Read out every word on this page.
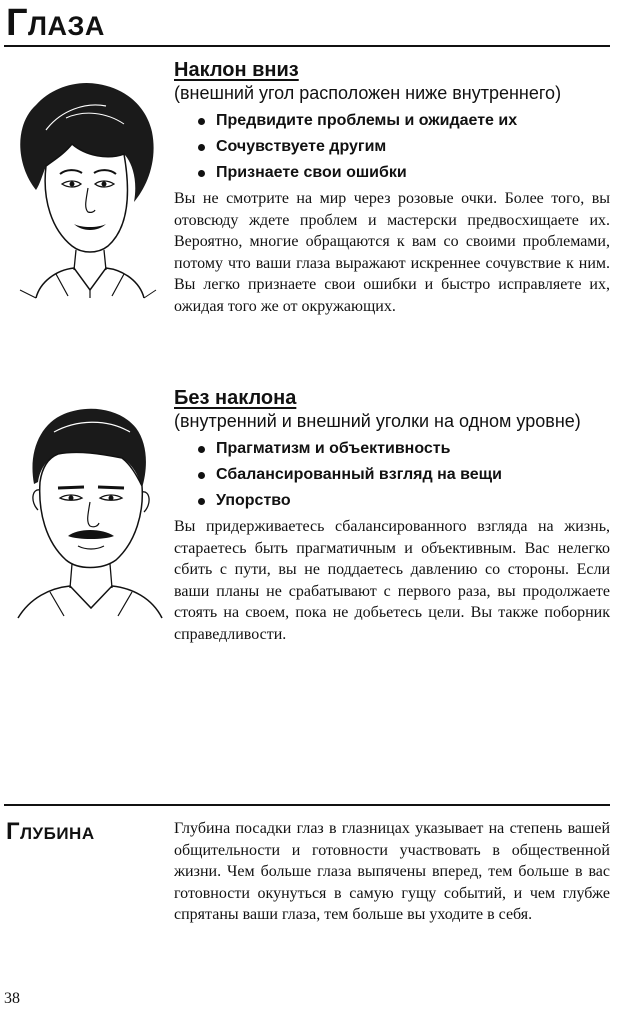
Глаза
Наклон вниз
(внешний угол расположен ниже внутреннего)
Предвидите проблемы и ожидаете их
Сочувствуете другим
Признаете свои ошибки

Вы не смотрите на мир через розовые очки. Более того, вы отовсюду ждете проблем и мастерски предвосхищаете их. Вероятно, многие обращаются к вам со своими проблемами, потому что ваши глаза выражают искреннее сочувствие к ним. Вы легко признаете свои ошибки и быстро исправляете их, ожидая того же от окружающих.

Без наклона
(внутренний и внешний уголки на одном уровне)
Прагматизм и объективность
Сбалансированный взгляд на вещи
Упорство

Вы придерживаетесь сбалансированного взгляда на жизнь, стараетесь быть прагматичным и объективным. Вас нелегко сбить с пути, вы не поддаетесь давлению со стороны. Если ваши планы не срабатывают с первого раза, вы продолжаете стоять на своем, пока не добьетесь цели. Вы также поборник справедливости.

Глубина	Глубина посадки глаз в глазницах указывает на степень вашей общительности и готовности участвовать в общественной жизни. Чем больше глаза выпячены вперед, тем больше в вас готовности окунуться в самую гущу событий, и чем глубже спрятаны ваши глаза, тем больше вы уходите в себя.

38
